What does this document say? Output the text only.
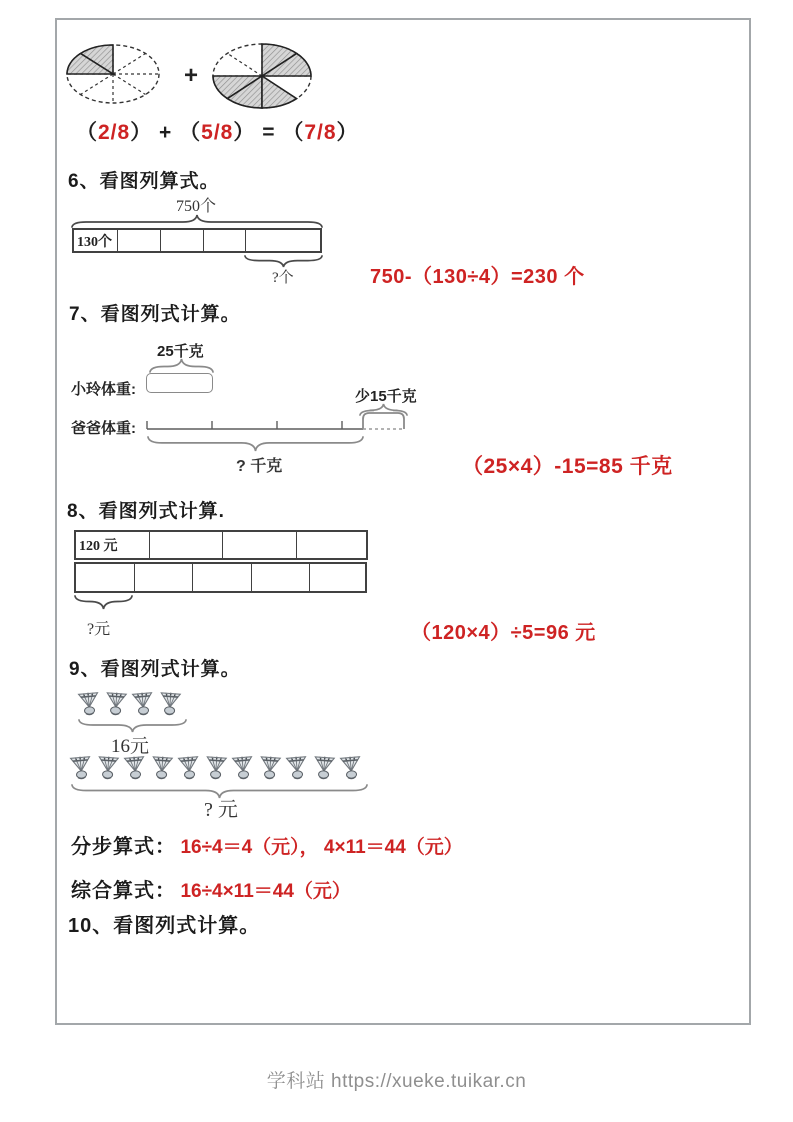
+
（2/8） + （5/8） = （7/8）
6、看图列算式。
750个
130个
?个	750-（130÷4）=230 个
7、看图列式计算。
25千克
小玲体重:	少15千克
爸爸体重:
? 千克	（25×4）-15=85 千克
8、看图列式计算.
120 元
?元	（120×4）÷5=96 元
9、看图列式计算。
16元
? 元
分步算式： 16÷4＝4（元）， 4×11＝44（元）
综合算式： 16÷4×11＝44（元）
10、看图列式计算。
学科站 https://xueke.tuikar.cn
